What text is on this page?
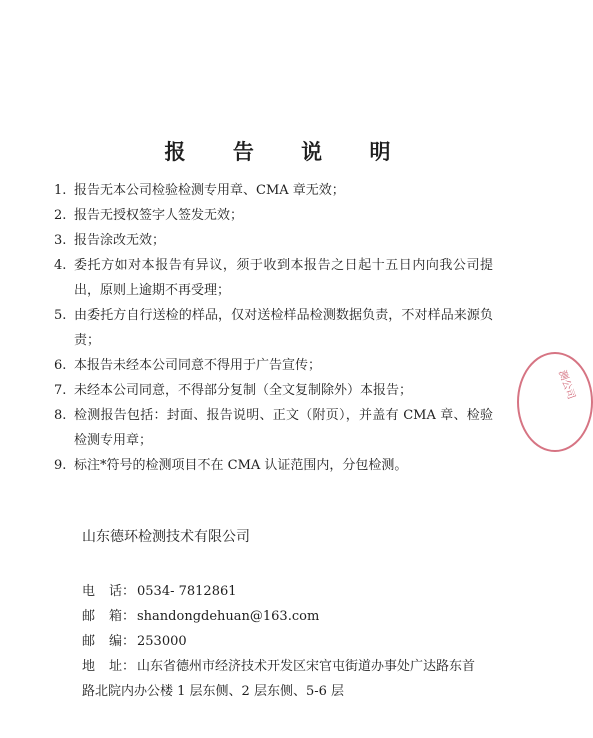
报 告 说 明
1. 报告无本公司检验检测专用章、CMA 章无效；
2. 报告无授权签字人签发无效；
3. 报告涂改无效；
4. 委托方如对本报告有异议，须于收到本报告之日起十五日内向我公司提出，原则上逾期不再受理；
5. 由委托方自行送检的样品，仅对送检样品检测数据负责，不对样品来源负责；
6. 本报告未经本公司同意不得用于广告宣传；
7. 未经本公司同意，不得部分复制（全文复制除外）本报告；
8. 检测报告包括：封面、报告说明、正文（附页），并盖有 CMA 章、检验检测专用章；
9. 标注*符号的检测项目不在 CMA 认证范围内，分包检测。
山东德环检测技术有限公司
电 话 ： 0534- 7812861
邮 箱 ： shandongdehuan@163.com
邮 编 ： 253000
地 址 ： 山东省德州市经济技术开发区宋官屯街道办事处广达路东首
路北院内办公楼 1 层东侧、2 层东侧、5-6 层
测公司
